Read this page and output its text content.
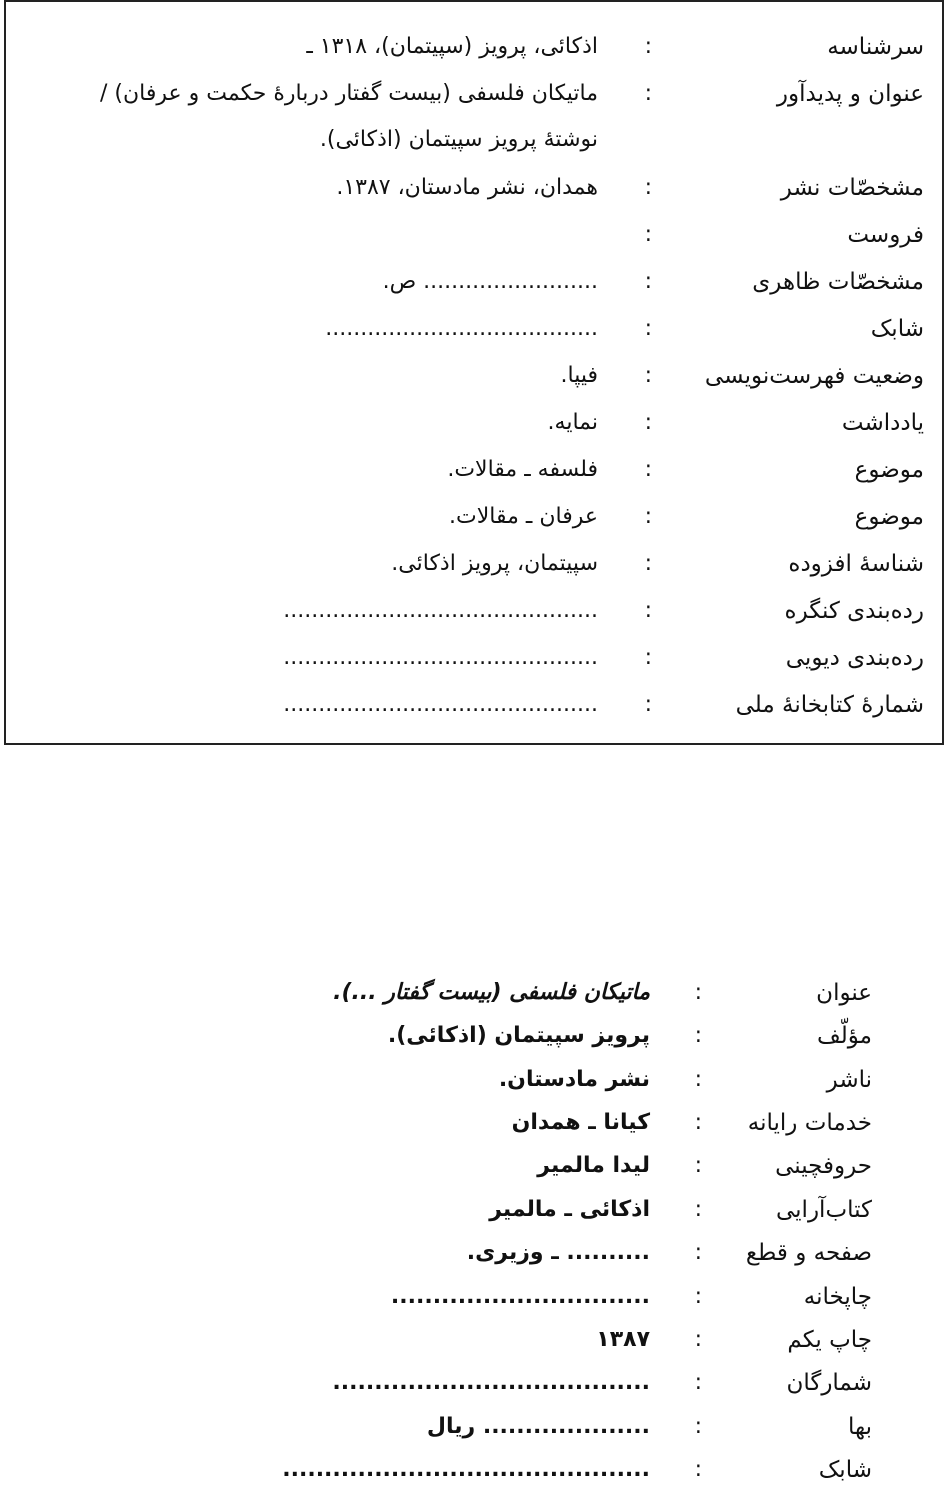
سرشناسه
:
اذکائی، پرویز (سپیتمان)، ۱۳۱۸ ـ
عنوان و پدیدآور
:
ماتیکان فلسفی (بیست گفتار دربارۀ حکمت و عرفان) / نوشتۀ پرویز سپیتمان (اذکائی).
مشخصّات نشر
:
همدان، نشر مادستان، ۱۳۸۷.
فروست
:
مشخصّات ظاهری
:
......................... ص.
شابک
:
.......................................
وضعیت فهرست‌نویسی
:
فیپا.
یادداشت
:
نمایه.
موضوع
:
فلسفه ـ مقالات.
موضوع
:
عرفان ـ مقالات.
شناسۀ افزوده
:
سپیتمان، پرویز اذکائی.
رده‌بندی کنگره
:
.............................................
رده‌بندی دیویی
:
.............................................
شمارۀ کتابخانۀ ملی
:
.............................................
عنوان
:
ماتیکان فلسفی (بیست گفتار ...).
مؤلّف
:
پرویز سپیتمان (اذکائی).
ناشر
:
نشر مادستان.
خدمات رایانه
:
کیانا ـ همدان
حروفچینی
:
لیدا مالمیر
کتاب‌آرایی
:
اذکائی ـ مالمیر
صفحه و قطع
:
.......... ـ وزیری.
چاپخانه
:
...............................
چاپ یکم
:
۱۳۸۷
شمارگان
:
......................................
بها
:
.................... ریال
شابک
:
............................................
